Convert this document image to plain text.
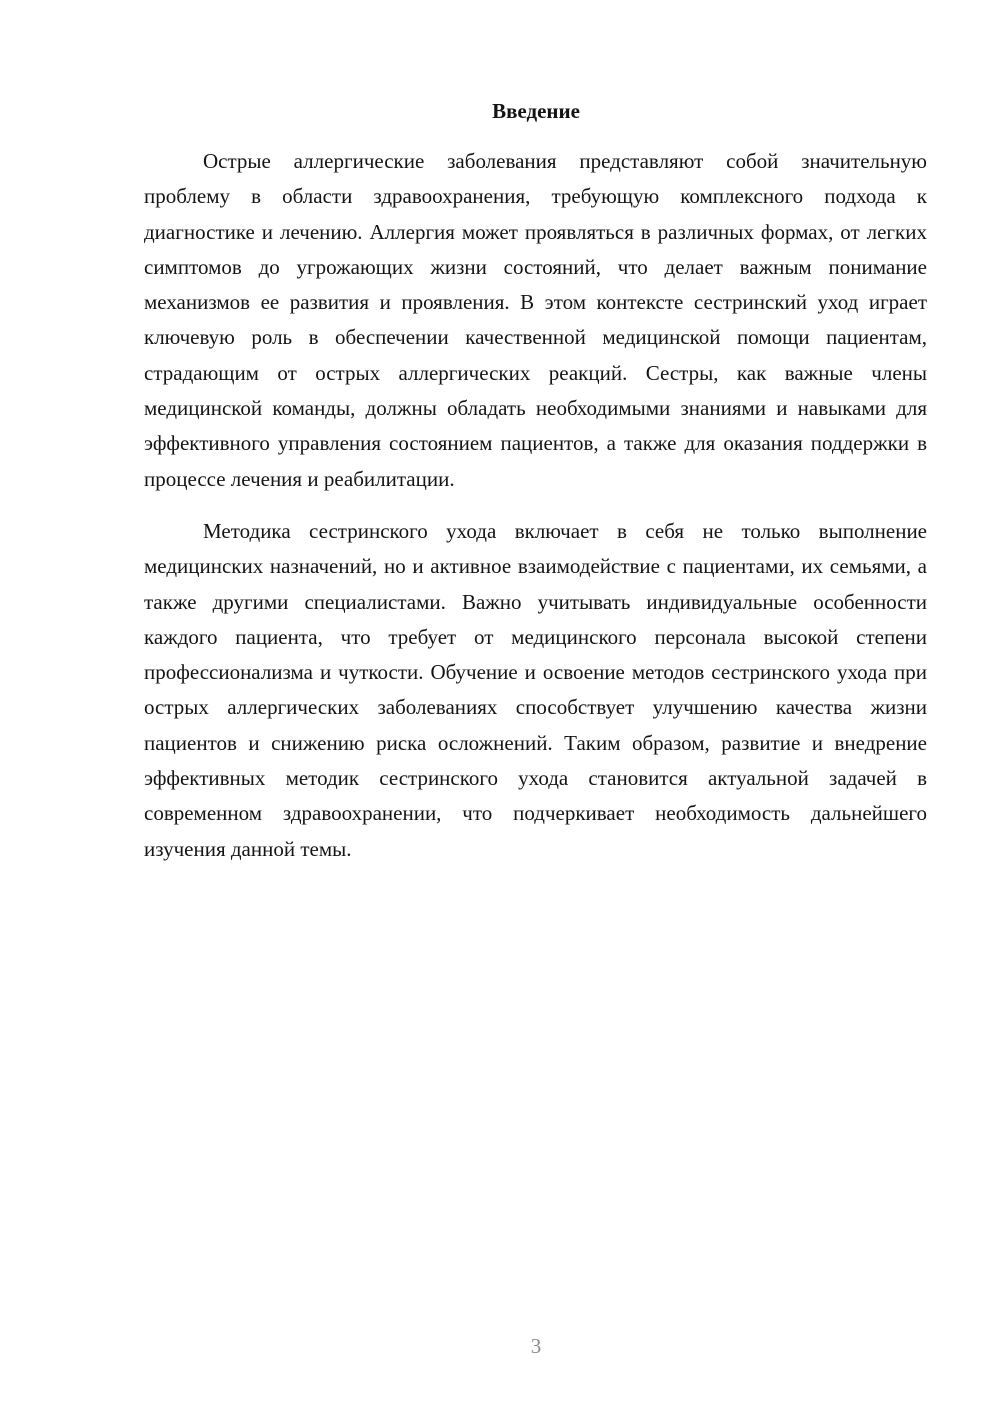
Введение

Острые аллергические заболевания представляют собой значительную проблему в области здравоохранения, требующую комплексного подхода к диагностике и лечению. Аллергия может проявляться в различных формах, от легких симптомов до угрожающих жизни состояний, что делает важным понимание механизмов ее развития и проявления. В этом контексте сестринский уход играет ключевую роль в обеспечении качественной медицинской помощи пациентам, страдающим от острых аллергических реакций. Сестры, как важные члены медицинской команды, должны обладать необходимыми знаниями и навыками для эффективного управления состоянием пациентов, а также для оказания поддержки в процессе лечения и реабилитации.

Методика сестринского ухода включает в себя не только выполнение медицинских назначений, но и активное взаимодействие с пациентами, их семьями, а также другими специалистами. Важно учитывать индивидуальные особенности каждого пациента, что требует от медицинского персонала высокой степени профессионализма и чуткости. Обучение и освоение методов сестринского ухода при острых аллергических заболеваниях способствует улучшению качества жизни пациентов и снижению риска осложнений. Таким образом, развитие и внедрение эффективных методик сестринского ухода становится актуальной задачей в современном здравоохранении, что подчеркивает необходимость дальнейшего изучения данной темы.

3
